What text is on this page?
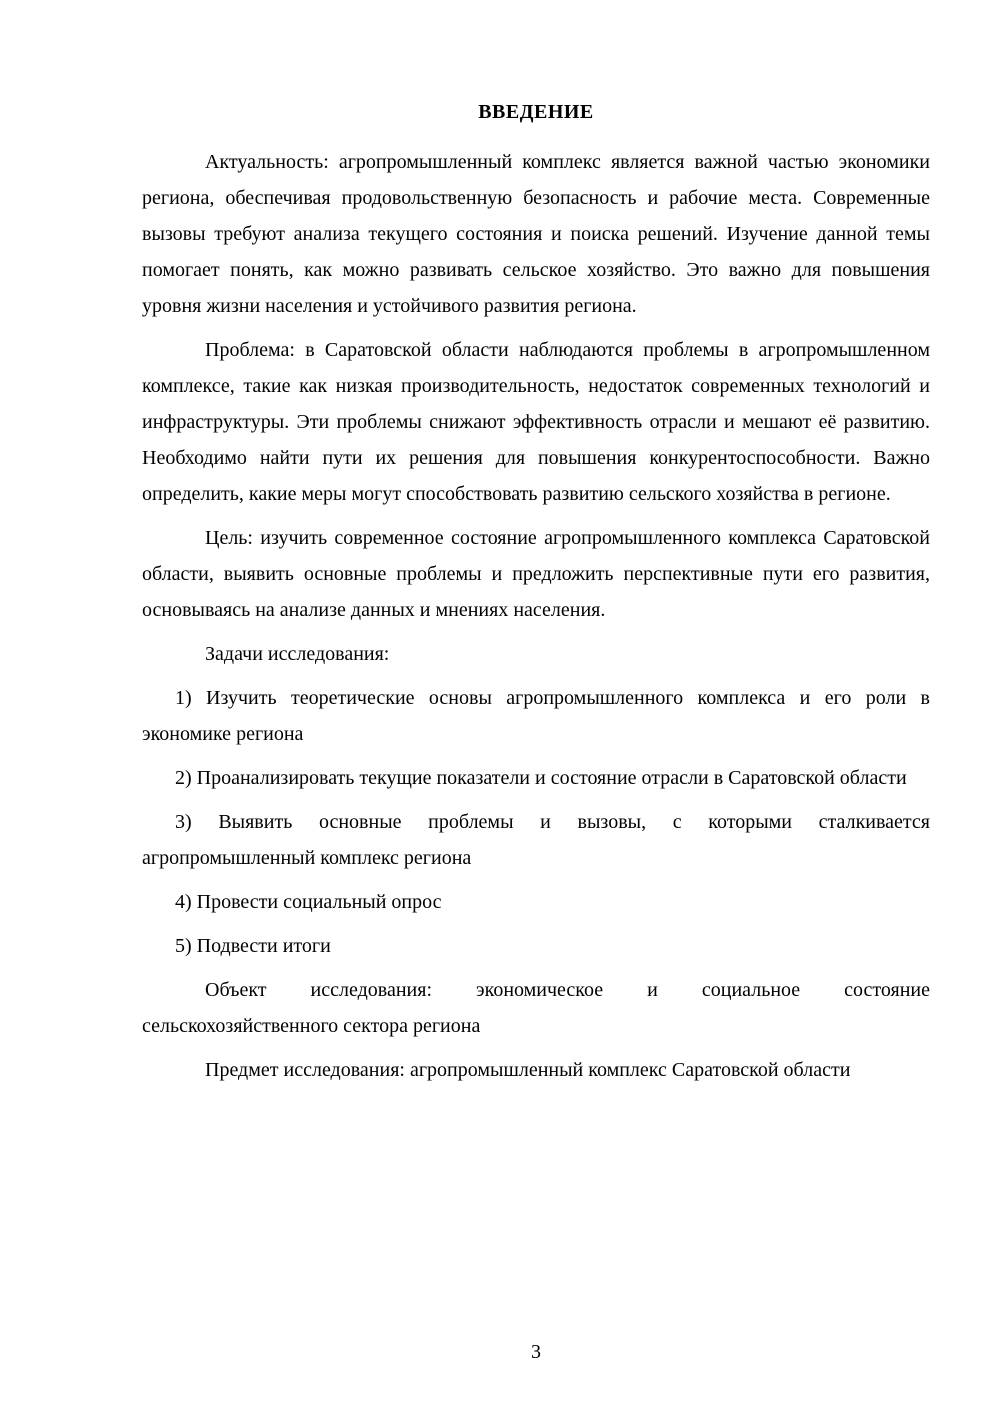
ВВЕДЕНИЕ

Актуальность: агропромышленный комплекс является важной частью экономики региона, обеспечивая продовольственную безопасность и рабочие места. Современные вызовы требуют анализа текущего состояния и поиска решений. Изучение данной темы помогает понять, как можно развивать сельское хозяйство. Это важно для повышения уровня жизни населения и устойчивого развития региона.

Проблема: в Саратовской области наблюдаются проблемы в агропромышленном комплексе, такие как низкая производительность, недостаток современных технологий и инфраструктуры. Эти проблемы снижают эффективность отрасли и мешают её развитию. Необходимо найти пути их решения для повышения конкурентоспособности. Важно определить, какие меры могут способствовать развитию сельского хозяйства в регионе.

Цель: изучить современное состояние агропромышленного комплекса Саратовской области, выявить основные проблемы и предложить перспективные пути его развития, основываясь на анализе данных и мнениях населения.

Задачи исследования:

1) Изучить теоретические основы агропромышленного комплекса и его роли в экономике региона

2) Проанализировать текущие показатели и состояние отрасли в Саратовской области

3) Выявить основные проблемы и вызовы, с которыми сталкивается агропромышленный комплекс региона

4) Провести социальный опрос

5) Подвести итоги

Объект исследования: экономическое и социальное состояние сельскохозяйственного сектора региона

Предмет исследования: агропромышленный комплекс Саратовской области

3
